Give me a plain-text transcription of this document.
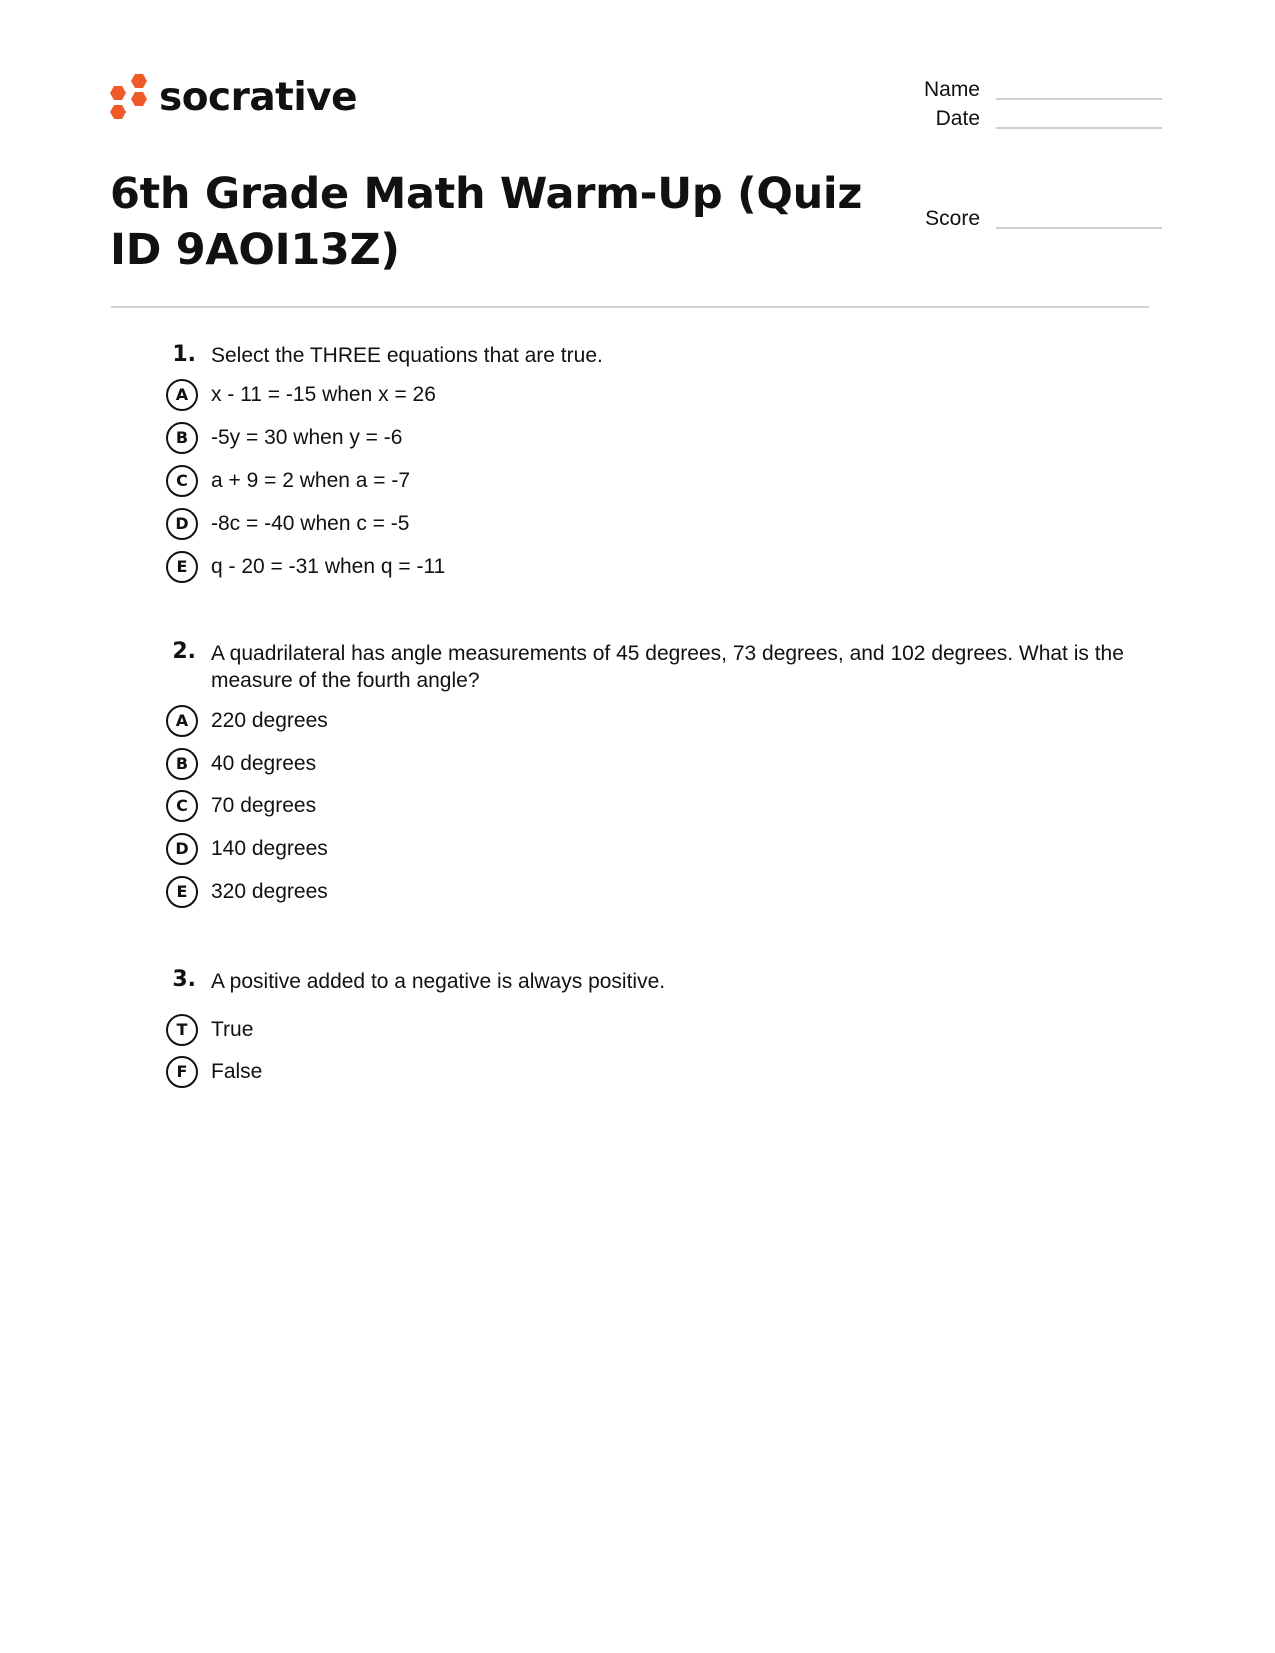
socrative	Name
Date
Score
6th Grade Math Warm-Up (Quiz ID 9AOI13Z)
1. Select the THREE equations that are true.
A	x - 11 = -15 when x = 26
B	-5y = 30 when y = -6
C	a + 9 = 2 when a = -7
D	-8c = -40 when c = -5
E	q - 20 = -31 when q = -11
2. A quadrilateral has angle measurements of 45 degrees, 73 degrees, and 102 degrees. What is the measure of the fourth angle?
A	220 degrees
B	40 degrees
C	70 degrees
D	140 degrees
E	320 degrees
3. A positive added to a negative is always positive.
T	True
F	False
